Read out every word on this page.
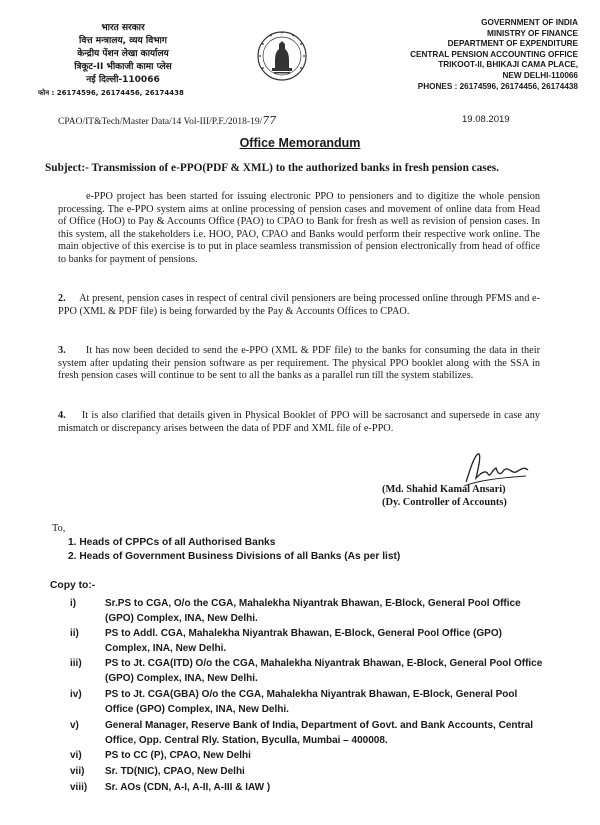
भारत सरकार
वित्त मन्त्रालय, व्यय विभाग
केन्द्रीय पेंशन लेखा कार्यालय
त्रिकूट-II भीकाजी कामा प्लेस
नई दिल्ली-110066
फोन : 26174596, 26174456, 26174438
GOVERNMENT OF INDIA
MINISTRY OF FINANCE
DEPARTMENT OF EXPENDITURE
CENTRAL PENSION ACCOUNTING OFFICE
TRIKOOT-II, BHIKAJI CAMA PLACE,
NEW DELHI-110066
PHONES : 26174596, 26174456, 26174438
CPAO/IT&Tech/Master Data/14 Vol-III/P.F./2018-19/77	19.08.2019
Office Memorandum
Subject:- Transmission of e-PPO(PDF & XML) to the authorized banks in fresh pension cases.
e-PPO project has been started for issuing electronic PPO to pensioners and to digitize the whole pension processing. The e-PPO system aims at online processing of pension cases and movement of online data from Head of Office (HoO) to Pay & Accounts Office (PAO) to CPAO to Bank for fresh as well as revision of pension cases. In this system, all the stakeholders i.e. HOO, PAO, CPAO and Banks would perform their respective work online. The main objective of this exercise is to put in place seamless transmission of pension electronically from head of office to banks for payment of pensions.
2. At present, pension cases in respect of central civil pensioners are being processed online through PFMS and e-PPO (XML & PDF file) is being forwarded by the Pay & Accounts Offices to CPAO.
3. It has now been decided to send the e-PPO (XML & PDF file) to the banks for consuming the data in their system after updating their pension software as per requirement. The physical PPO booklet along with the SSA in fresh pension cases will continue to be sent to all the banks as a parallel run till the system stabilizes.
4. It is also clarified that details given in Physical Booklet of PPO will be sacrosanct and supersede in case any mismatch or discrepancy arises between the data of PDF and XML file of e-PPO.
(Md. Shahid Kamal Ansari)
(Dy. Controller of Accounts)
To,
1. Heads of CPPCs of all Authorised Banks
2. Heads of Government Business Divisions of all Banks (As per list)
Copy to:-
i)	Sr.PS to CGA, O/o the CGA, Mahalekha Niyantrak Bhawan, E-Block, General Pool Office (GPO) Complex, INA, New Delhi.
ii)	PS to Addl. CGA, Mahalekha Niyantrak Bhawan, E-Block, General Pool Office (GPO) Complex, INA, New Delhi.
iii)	PS to Jt. CGA(ITD) O/o the CGA, Mahalekha Niyantrak Bhawan, E-Block, General Pool Office (GPO) Complex, INA, New Delhi.
iv)	PS to Jt. CGA(GBA) O/o the CGA, Mahalekha Niyantrak Bhawan, E-Block, General Pool Office (GPO) Complex, INA, New Delhi.
v)	General Manager, Reserve Bank of India, Department of Govt. and Bank Accounts, Central Office, Opp. Central Rly. Station, Byculla, Mumbai – 400008.
vi)	PS to CC (P), CPAO, New Delhi
vii)	Sr. TD(NIC), CPAO, New Delhi
viii)	Sr. AOs (CDN, A-I, A-II, A-III & IAW )
